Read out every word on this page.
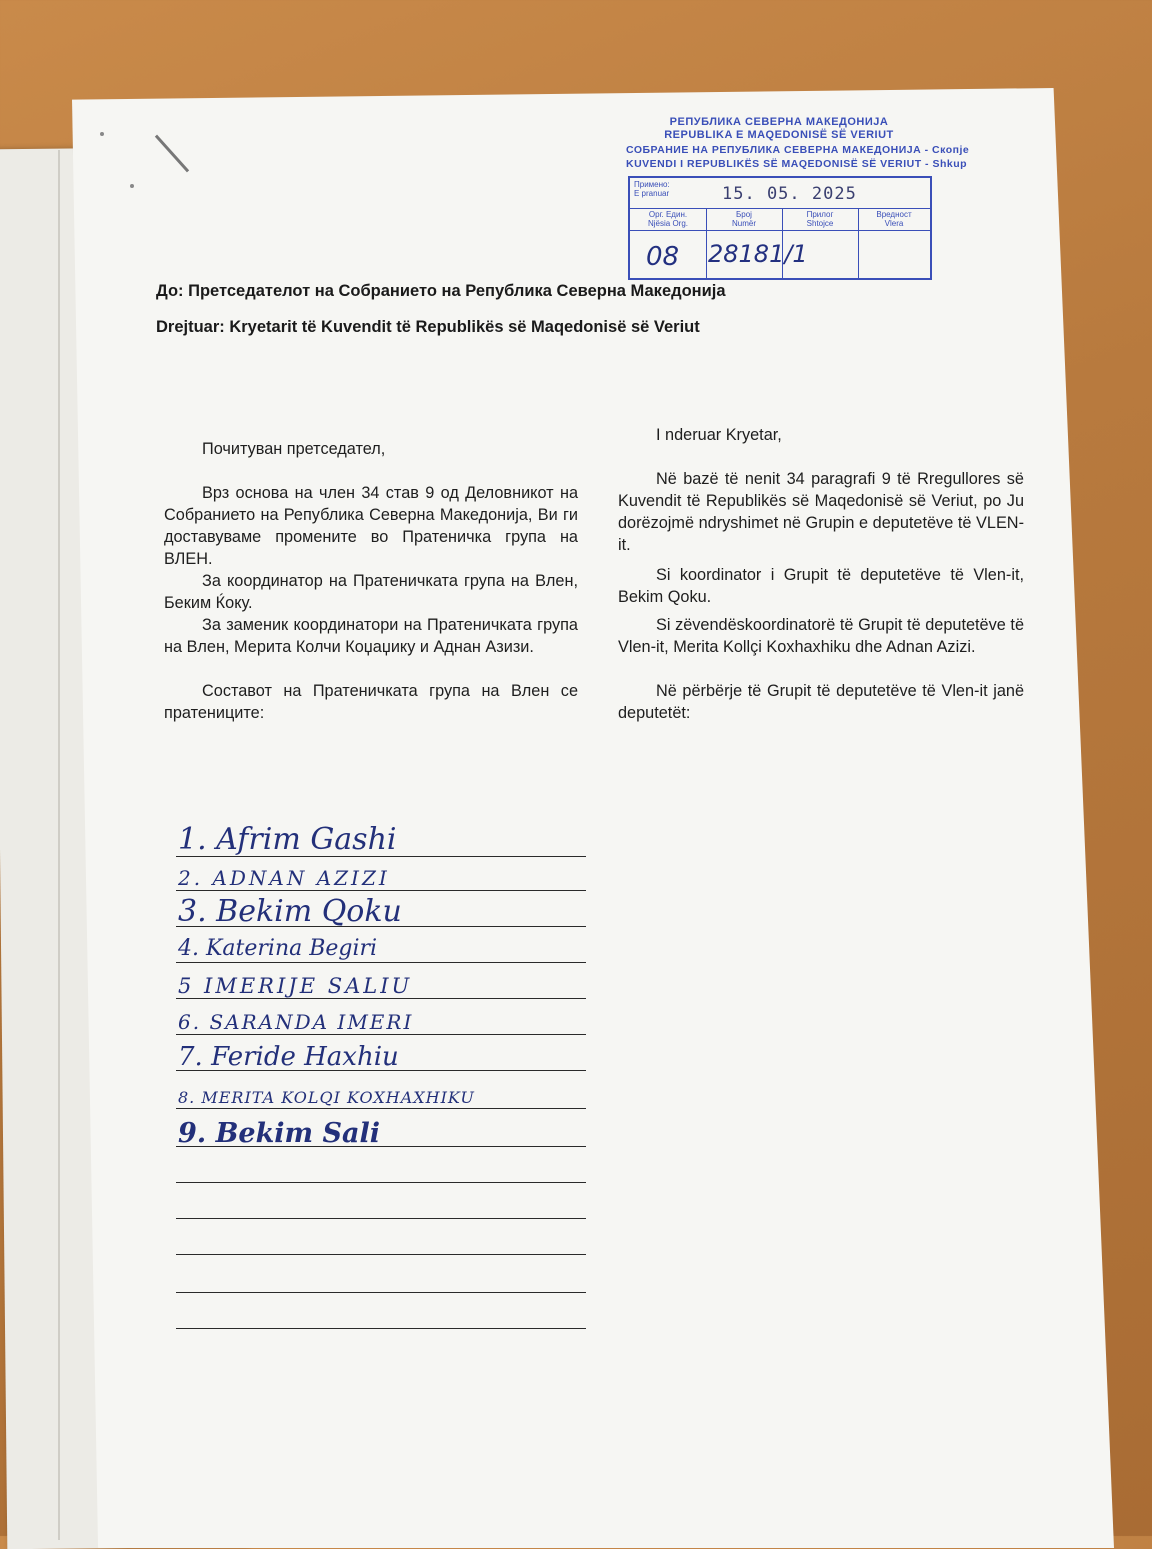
РЕПУБЛИКА СЕВЕРНА МАКЕДОНИЈА
REPUBLIKA E MAQEDONISË SË VERIUT
СОБРАНИЕ НА РЕПУБЛИКА СЕВЕРНА МАКЕДОНИЈА - Скопје
KUVENDI I REPUBLIKËS SË MAQEDONISË SË VERIUT - Shkup
Примено:
E pranuar	15. 05. 2025
Орг. Един.
Njësia Org.
Број
Numër
Прилог
Shtojce
Вредност
Vlera
08 28181/1
До: Претседателот на Собранието на Република Северна Македонија
Drejtuar: Kryetarit të Kuvendit të Republikës së Maqedonisë së Veriut

Почитуван претседател,

Врз основа на член 34 став 9 од Деловникот на Собранието на Република Северна Македонија, Ви ги доставуваме промените во Пратеничка група на ВЛЕН.

За координатор на Пратеничката група на Влен, Беким Ќоку.

За заменик координатори на Пратеничката група на Влен, Мерита Колчи Коџаџику и Аднан Азизи.

Составот на Пратеничката група на Влен се пратениците:

I nderuar Kryetar,

Në bazë të nenit 34 paragrafi 9 të Rregullores së Kuvendit të Republikës së Maqedonisë së Veriut, po Ju dorëzojmë ndryshimet në Grupin e deputetëve të VLEN-it.

Si koordinator i Grupit të deputetëve të Vlen-it, Bekim Qoku.

Si zëvendëskoordinatorë të Grupit të deputetëve të Vlen-it, Merita Kollçi Koxhaxhiku dhe Adnan Azizi.

Në përbërje të Grupit të deputetëve të Vlen-it janë deputetët:

1. Afrim Gashi
2. ADNAN AZIZI
3. Bekim Qoku
4. Katerina Begiri
5 IMERIJE SALIU
6. SARANDA IMERI
7. Feride Haxhiu
8. MERITA KOLQI KOXHAXHIKU
9. Bekim Sali
